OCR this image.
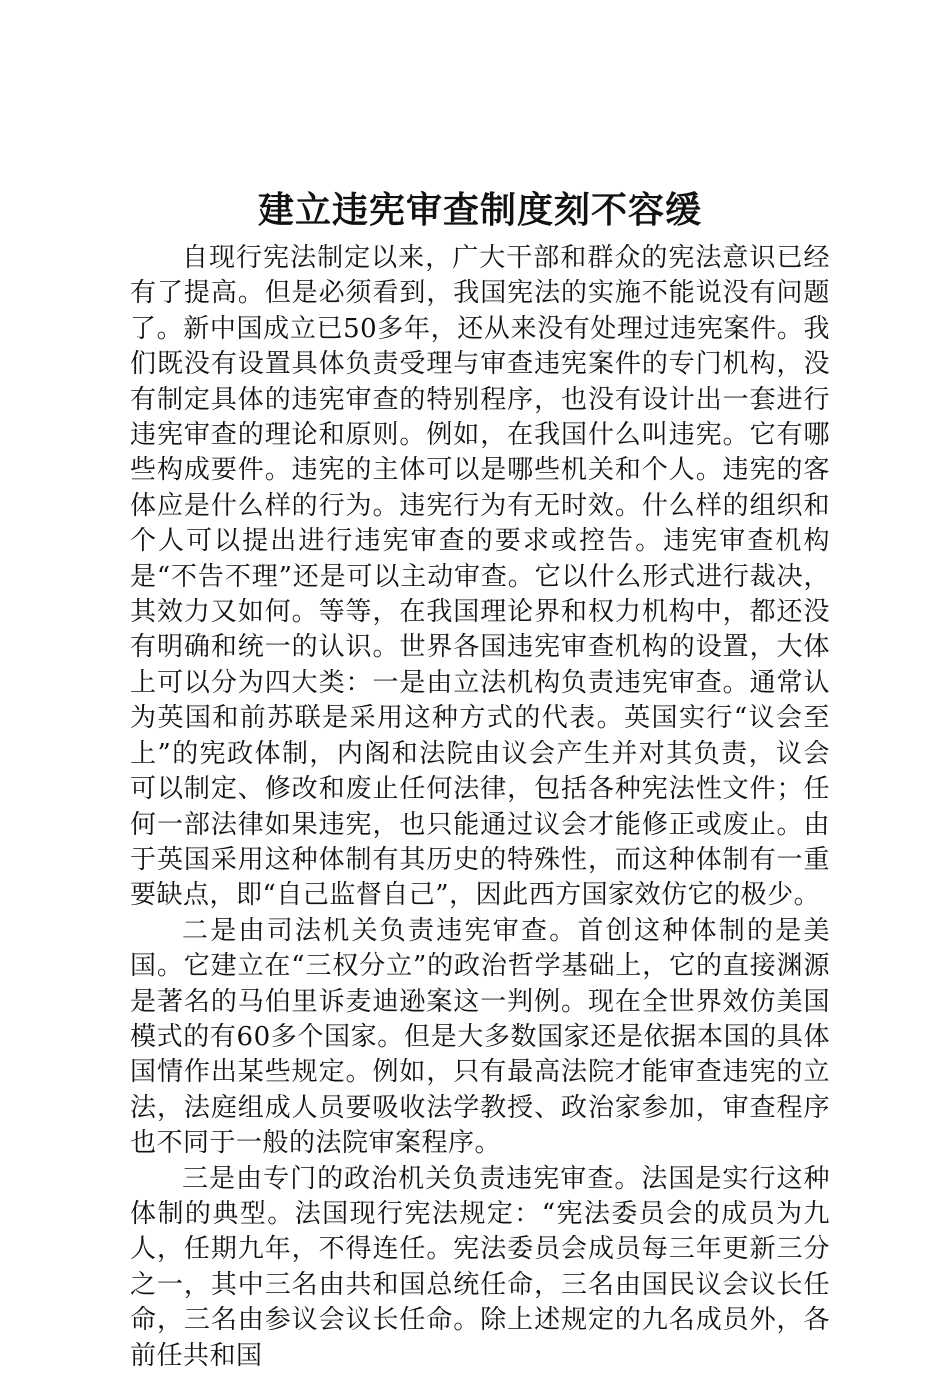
建立违宪审查制度刻不容缓

自现行宪法制定以来，广大干部和群众的宪法意识已经有了提高。但是必须看到，我国宪法的实施不能说没有问题了。新中国成立已50多年，还从来没有处理过违宪案件。我们既没有设置具体负责受理与审查违宪案件的专门机构，没有制定具体的违宪审查的特别程序，也没有设计出一套进行违宪审查的理论和原则。例如，在我国什么叫违宪。它有哪些构成要件。违宪的主体可以是哪些机关和个人。违宪的客体应是什么样的行为。违宪行为有无时效。什么样的组织和个人可以提出进行违宪审查的要求或控告。违宪审查机构是“不告不理”还是可以主动审查。它以什么形式进行裁决，其效力又如何。等等，在我国理论界和权力机构中，都还没有明确和统一的认识。世界各国违宪审查机构的设置，大体上可以分为四大类：一是由立法机构负责违宪审查。通常认为英国和前苏联是采用这种方式的代表。英国实行“议会至上”的宪政体制，内阁和法院由议会产生并对其负责，议会可以制定、修改和废止任何法律，包括各种宪法性文件；任何一部法律如果违宪，也只能通过议会才能修正或废止。由于英国采用这种体制有其历史的特殊性，而这种体制有一重要缺点，即“自己监督自己”，因此西方国家效仿它的极少。

二是由司法机关负责违宪审查。首创这种体制的是美国。它建立在“三权分立”的政治哲学基础上，它的直接渊源是著名的马伯里诉麦迪逊案这一判例。现在全世界效仿美国模式的有60多个国家。但是大多数国家还是依据本国的具体国情作出某些规定。例如，只有最高法院才能审查违宪的立法，法庭组成人员要吸收法学教授、政治家参加，审查程序也不同于一般的法院审案程序。

三是由专门的政治机关负责违宪审查。法国是实行这种体制的典型。法国现行宪法规定：“宪法委员会的成员为九人，任期九年，不得连任。宪法委员会成员每三年更新三分之一，其中三名由共和国总统任命，三名由国民议会议长任命，三名由参议会议长任命。除上述规定的九名成员外，各前任共和国
